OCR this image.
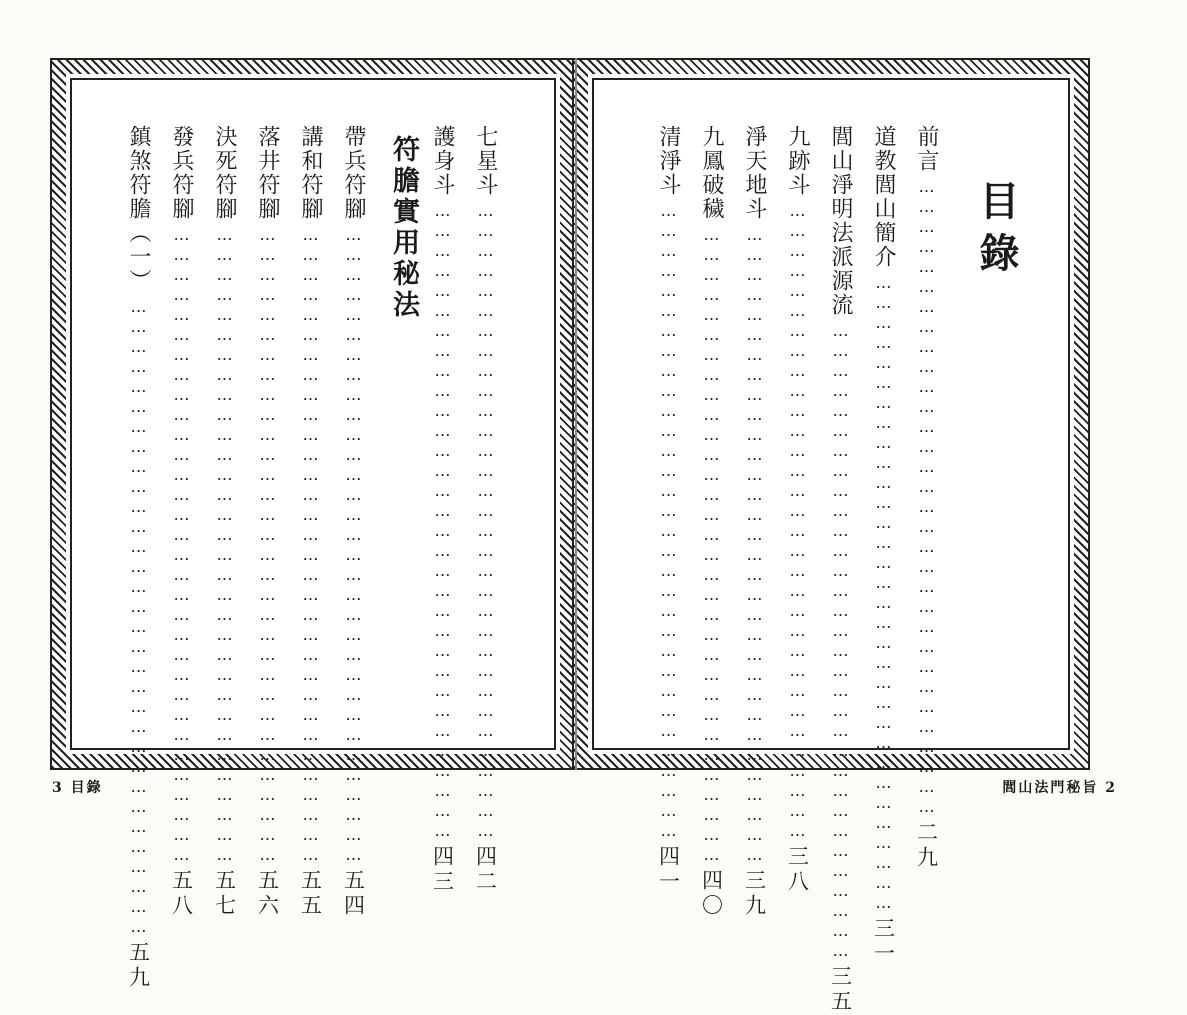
目錄
前言
……………………………………………………………………………………
二九
道教閭山簡介
……………………………………………………………………………………
三一
閭山淨明法派源流
……………………………………………………………………………………
三五
九跡斗
……………………………………………………………………………………
三八
淨天地斗
……………………………………………………………………………………
三九
九鳳破穢
……………………………………………………………………………………
四〇
清淨斗
……………………………………………………………………………………
四一
七星斗
……………………………………………………………………………………
四二
護身斗
……………………………………………………………………………………
四三
符膽實用秘法
帶兵符腳
……………………………………………………………………………………
五四
講和符腳
……………………………………………………………………………………
五五
落井符腳
……………………………………………………………………………………
五六
決死符腳
……………………………………………………………………………………
五七
發兵符腳
……………………………………………………………………………………
五八
鎮煞符膽（一）
……………………………………………………………………………………
五九
3 目錄	閭山法門秘旨 2
